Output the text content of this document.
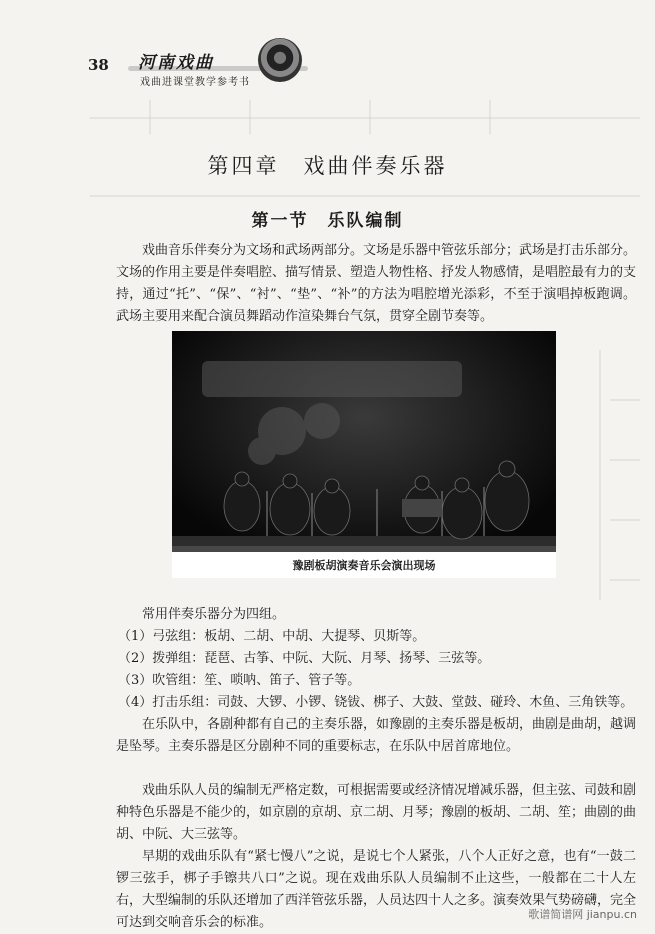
38 河南戏曲
戏曲进课堂教学参考书
第四章　戏曲伴奏乐器
第一节　乐队编制

戏曲音乐伴奏分为文场和武场两部分。文场是乐器中管弦乐部分；武场是打击乐部分。文场的作用主要是伴奏唱腔、描写情景、塑造人物性格、抒发人物感情，是唱腔最有力的支持，通过“托”、“保”、“衬”、“垫”、“补”的方法为唱腔增光添彩，不至于演唱掉板跑调。武场主要用来配合演员舞蹈动作渲染舞台气氛，贯穿全剧节奏等。

豫剧板胡演奏音乐会演出现场
常用伴奏乐器分为四组。
（1）弓弦组：板胡、二胡、中胡、大提琴、贝斯等。
（2）拨弹组：琵琶、古筝、中阮、大阮、月琴、扬琴、三弦等。
（3）吹管组：笙、唢呐、笛子、管子等。
（4）打击乐组：司鼓、大锣、小锣、铙钹、梆子、大鼓、堂鼓、碰玲、木鱼、三角铁等。

在乐队中，各剧种都有自己的主奏乐器，如豫剧的主奏乐器是板胡，曲剧是曲胡，越调是坠琴。主奏乐器是区分剧种不同的重要标志，在乐队中居首席地位。

戏曲乐队人员的编制无严格定数，可根据需要或经济情况增减乐器，但主弦、司鼓和剧种特色乐器是不能少的，如京剧的京胡、京二胡、月琴；豫剧的板胡、二胡、笙；曲剧的曲胡、中阮、大三弦等。

早期的戏曲乐队有“紧七慢八”之说，是说七个人紧张，八个人正好之意，也有“一鼓二锣三弦手，梆子手镲共八口”之说。现在戏曲乐队人员编制不止这些，一般都在二十人左右，大型编制的乐队还增加了西洋管弦乐器，人员达四十人之多。演奏效果气势磅礴，完全可达到交响音乐会的标准。

歌谱简谱网 jianpu.cn
